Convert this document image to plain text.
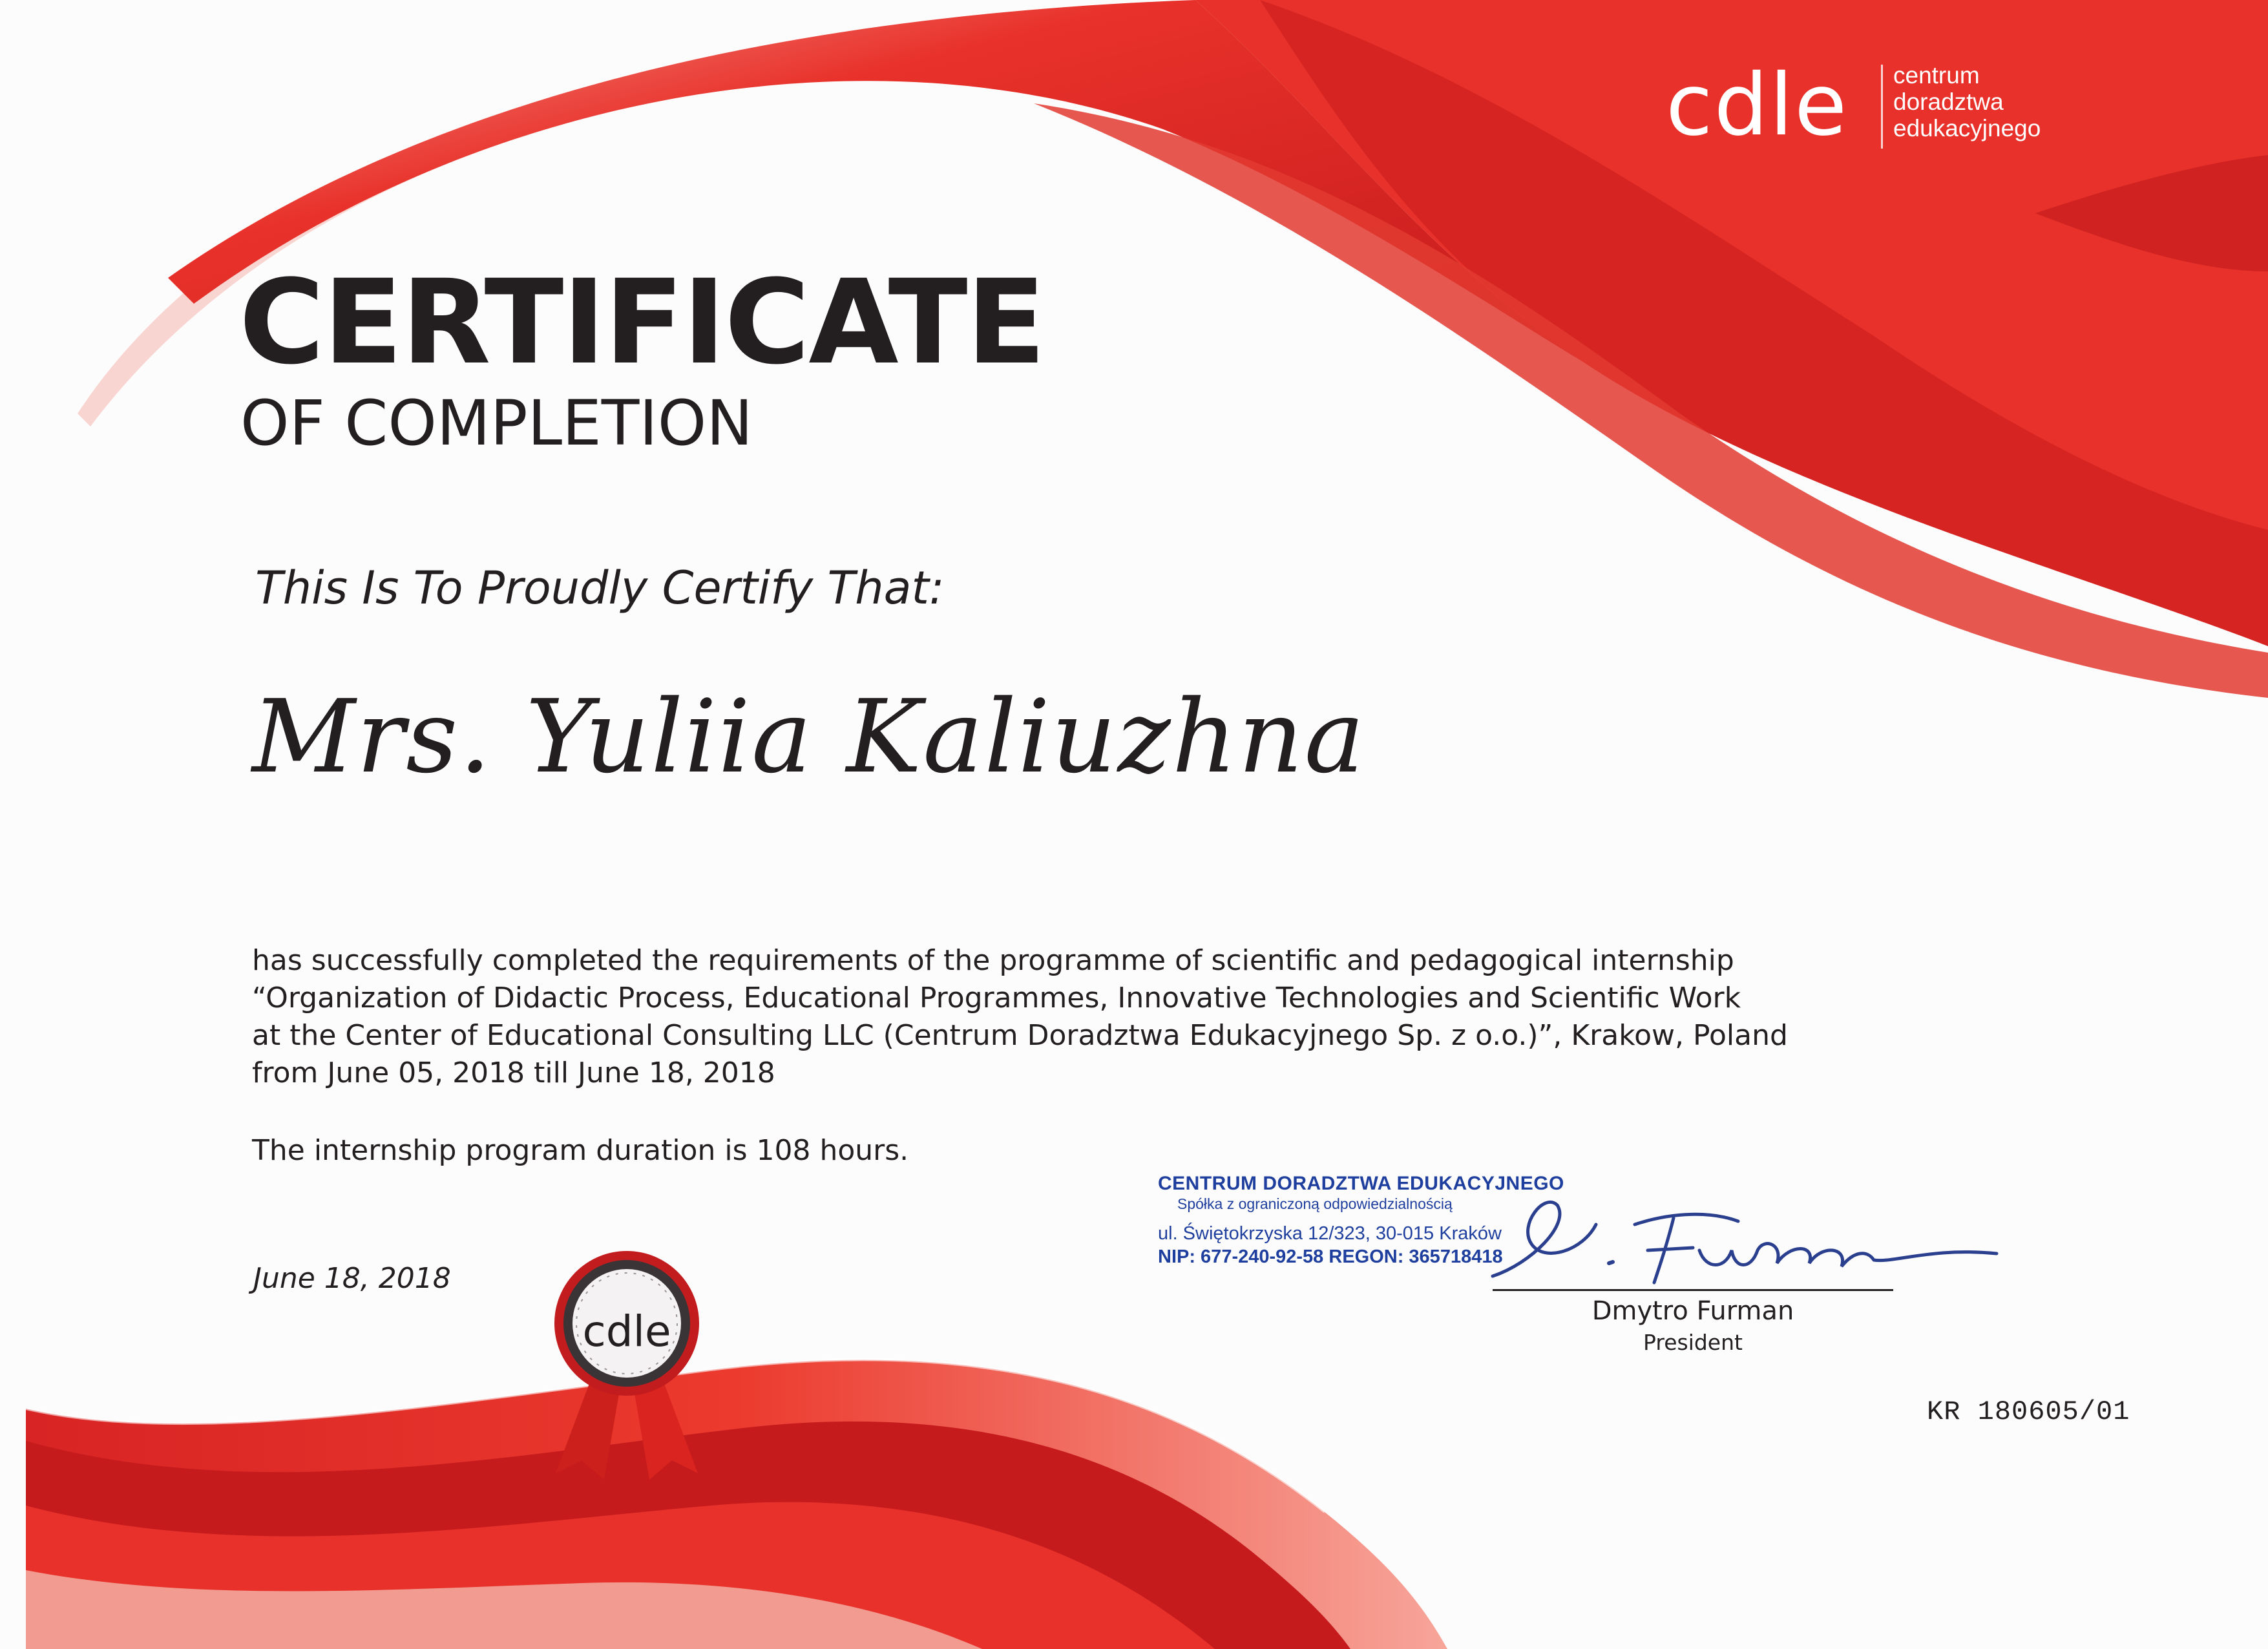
cdle centrum
doradztwa
edukacyjnego
CERTIFICATE
OF COMPLETION
This Is To Proudly Certify That:
Mrs. Yuliia Kaliuzhna

has successfully completed the requirements of the programme of scientific and pedagogical internship

“Organization of Didactic Process, Educational Programmes, Innovative Technologies and Scientific Work

at the Center of Educational Consulting LLC (Centrum Doradztwa Edukacyjnego Sp. z o.o.)”, Krakow, Poland

from June 05, 2018 till June 18, 2018

The internship program duration is 108 hours.
June 18, 2018
cdle
CENTRUM DORADZTWA EDUKACYJNEGO
Spółka z ograniczoną odpowiedzialnością
ul. Świętokrzyska 12/323, 30-015 Kraków
NIP: 677-240-92-58 REGON: 365718418
Dmytro Furman
President
KR 180605/01
